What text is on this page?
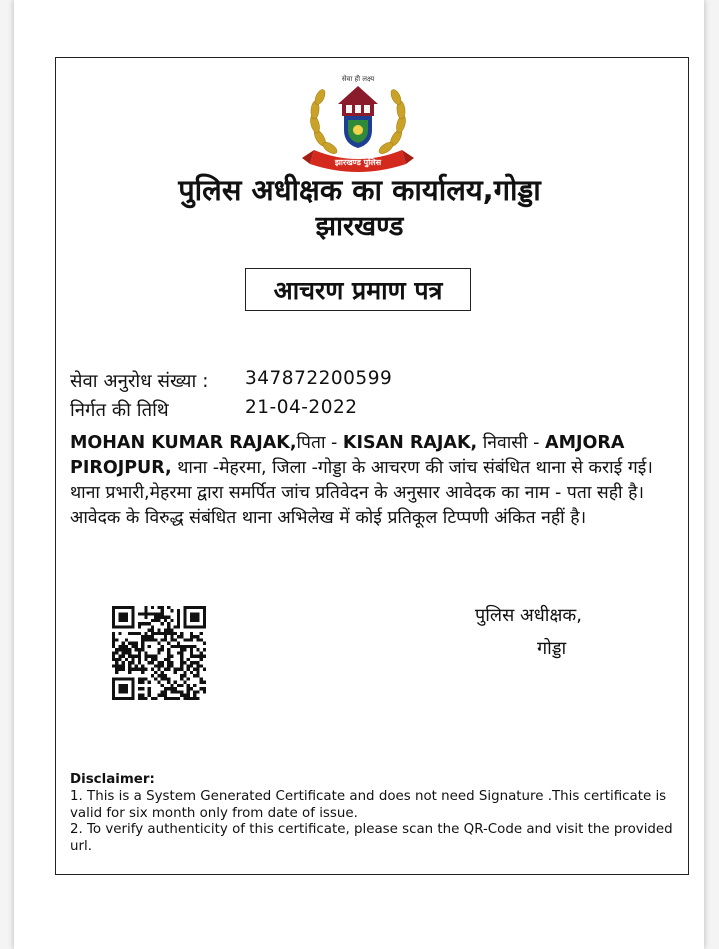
सेवा ही लक्ष्य
झारखण्ड पुलिस
पुलिस अधीक्षक का कार्यालय,गोड्डा
झारखण्ड
आचरण प्रमाण पत्र
सेवा अनुरोध संख्या : 347872200599
निर्गत की तिथि	21-04-2022
MOHAN KUMAR RAJAK,पिता - KISAN RAJAK, निवासी - AMJORA PIROJPUR, थाना -मेहरमा, जिला -गोड्डा के आचरण की जांच संबंधित थाना से कराई गई। थाना प्रभारी,मेहरमा द्वारा समर्पित जांच प्रतिवेदन के अनुसार आवेदक का नाम - पता सही है। आवेदक के विरुद्ध संबंधित थाना अभिलेख में कोई प्रतिकूल टिप्पणी अंकित नहीं है।
पुलिस अधीक्षक,
गोड्डा
Disclaimer:
1. This is a System Generated Certificate and does not need Signature .This certificate is valid for six month only from date of issue.
2. To verify authenticity of this certificate, please scan the QR-Code and visit the provided url.
